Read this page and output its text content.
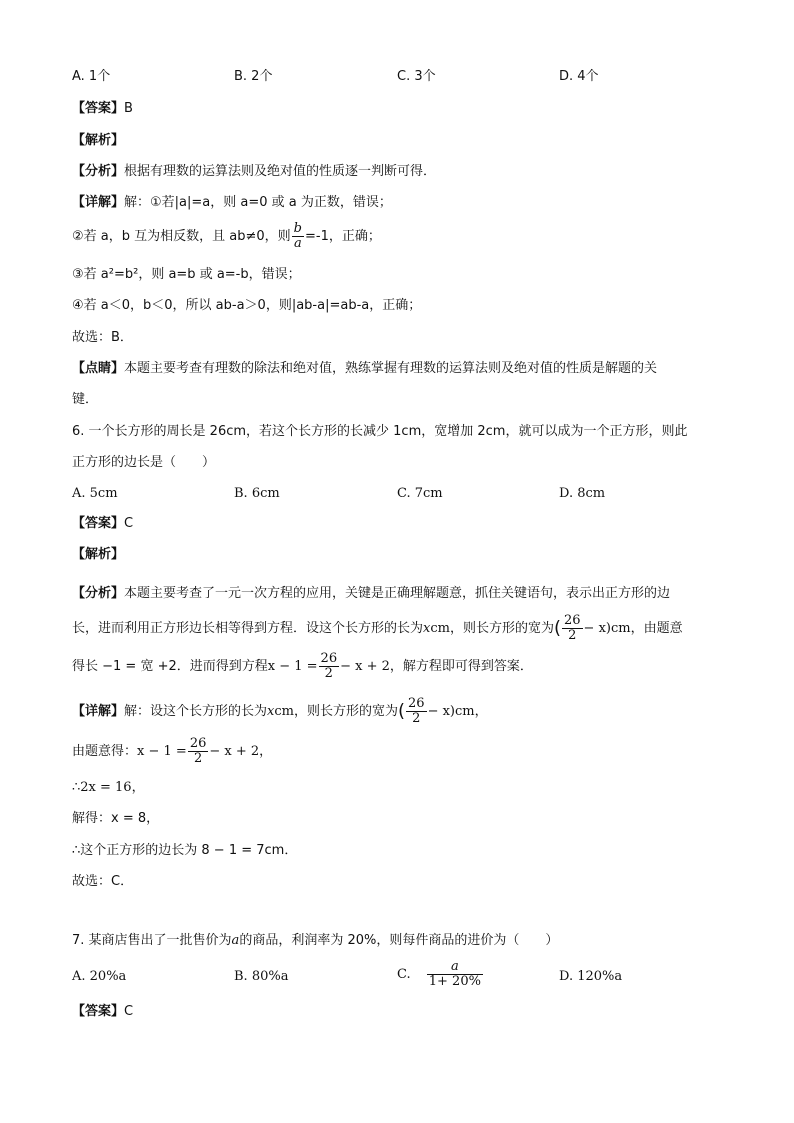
A. 1个	B. 2个	C. 3个	D. 4个
【答案】B
【解析】
【分析】根据有理数的运算法则及绝对值的性质逐一判断可得．
【详解】解：①若|a|=a，则 a=0 或 a 为正数，错误；
②若 a，b 互为相反数，且 ab≠0，则 $\frac{b}{a} =-1$，正确；
③若 a²=b²，则 a=b 或 a=-b，错误；
④若 a＜0，b＜0，所以 ab-a＞0，则|ab-a|=ab-a，正确；
故选：B．
【点睛】本题主要考查有理数的除法和绝对值，熟练掌握有理数的运算法则及绝对值的性质是解题的关
键．
6. 一个长方形的周长是 26cm，若这个长方形的长减少 1cm，宽增加 2cm，就可以成为一个正方形，则此
正方形的边长是（　　）
A. 5cm	B. 6cm	C. 7cm	D. 8cm
【答案】C
【解析】
【分析】本题主要考查了一元一次方程的应用，关键是正确理解题意，抓住关键语句，表示出正方形的边
长，进而利用正方形边长相等得到方程．设这个长方形的长为xcm，则长方形的宽为( $\frac{26}{2} - x)cm$，由题意
得长 −1 = 宽 +2．进而得到方程$x - 1 = \frac{26}{2} - x + 2$，解方程即可得到答案．
【详解】解：设这个长方形的长为xcm，则长方形的宽为( $\frac{26}{2} - x)cm$，
由题意得：$x - 1 = \frac{26}{2} - x + 2$，
∴2x = 16，
解得：x = 8，
∴这个正方形的边长为 8 − 1 = 7cm．
故选：C．
7. 某商店售出了一批售价为a的商品，利润率为 20%，则每件商品的进价为（　　）
A. 20%a	B. 80%a	C. $\frac{a}{1+ 20\%}$	D. 120%a
【答案】C
